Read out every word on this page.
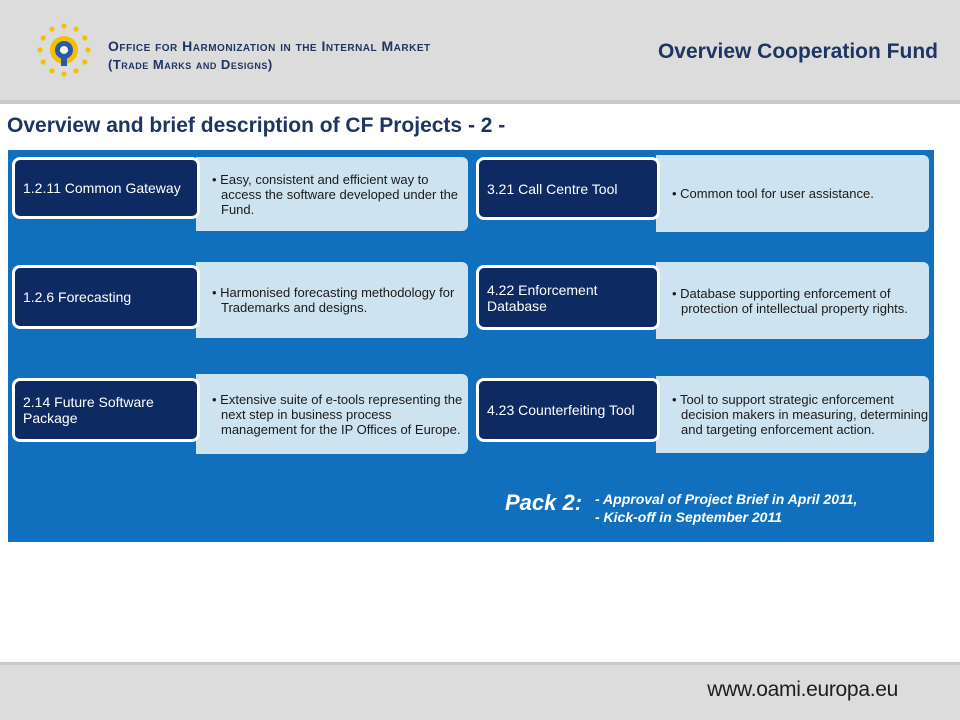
Office for Harmonization in the Internal Market
(Trade Marks and Designs)
Overview Cooperation Fund
Overview and brief description of CF Projects - 2 -
• Easy, consistent and efficient way to access the software developed under the Fund.
1.2.11 Common Gateway
• Harmonised forecasting methodology for Trademarks and designs.
1.2.6 Forecasting
• Extensive suite of e-tools representing the next step in business process management for the IP Offices of Europe.
2.14 Future Software Package
• Common tool for user assistance.
3.21 Call Centre Tool
• Database supporting enforcement of protection of intellectual property rights.
4.22 Enforcement Database
• Tool to support strategic enforcement decision makers in measuring, determining and targeting enforcement action.
4.23 Counterfeiting Tool
Pack 2: - Approval of Project Brief in April 2011,
- Kick-off in September 2011
www.oami.europa.eu
